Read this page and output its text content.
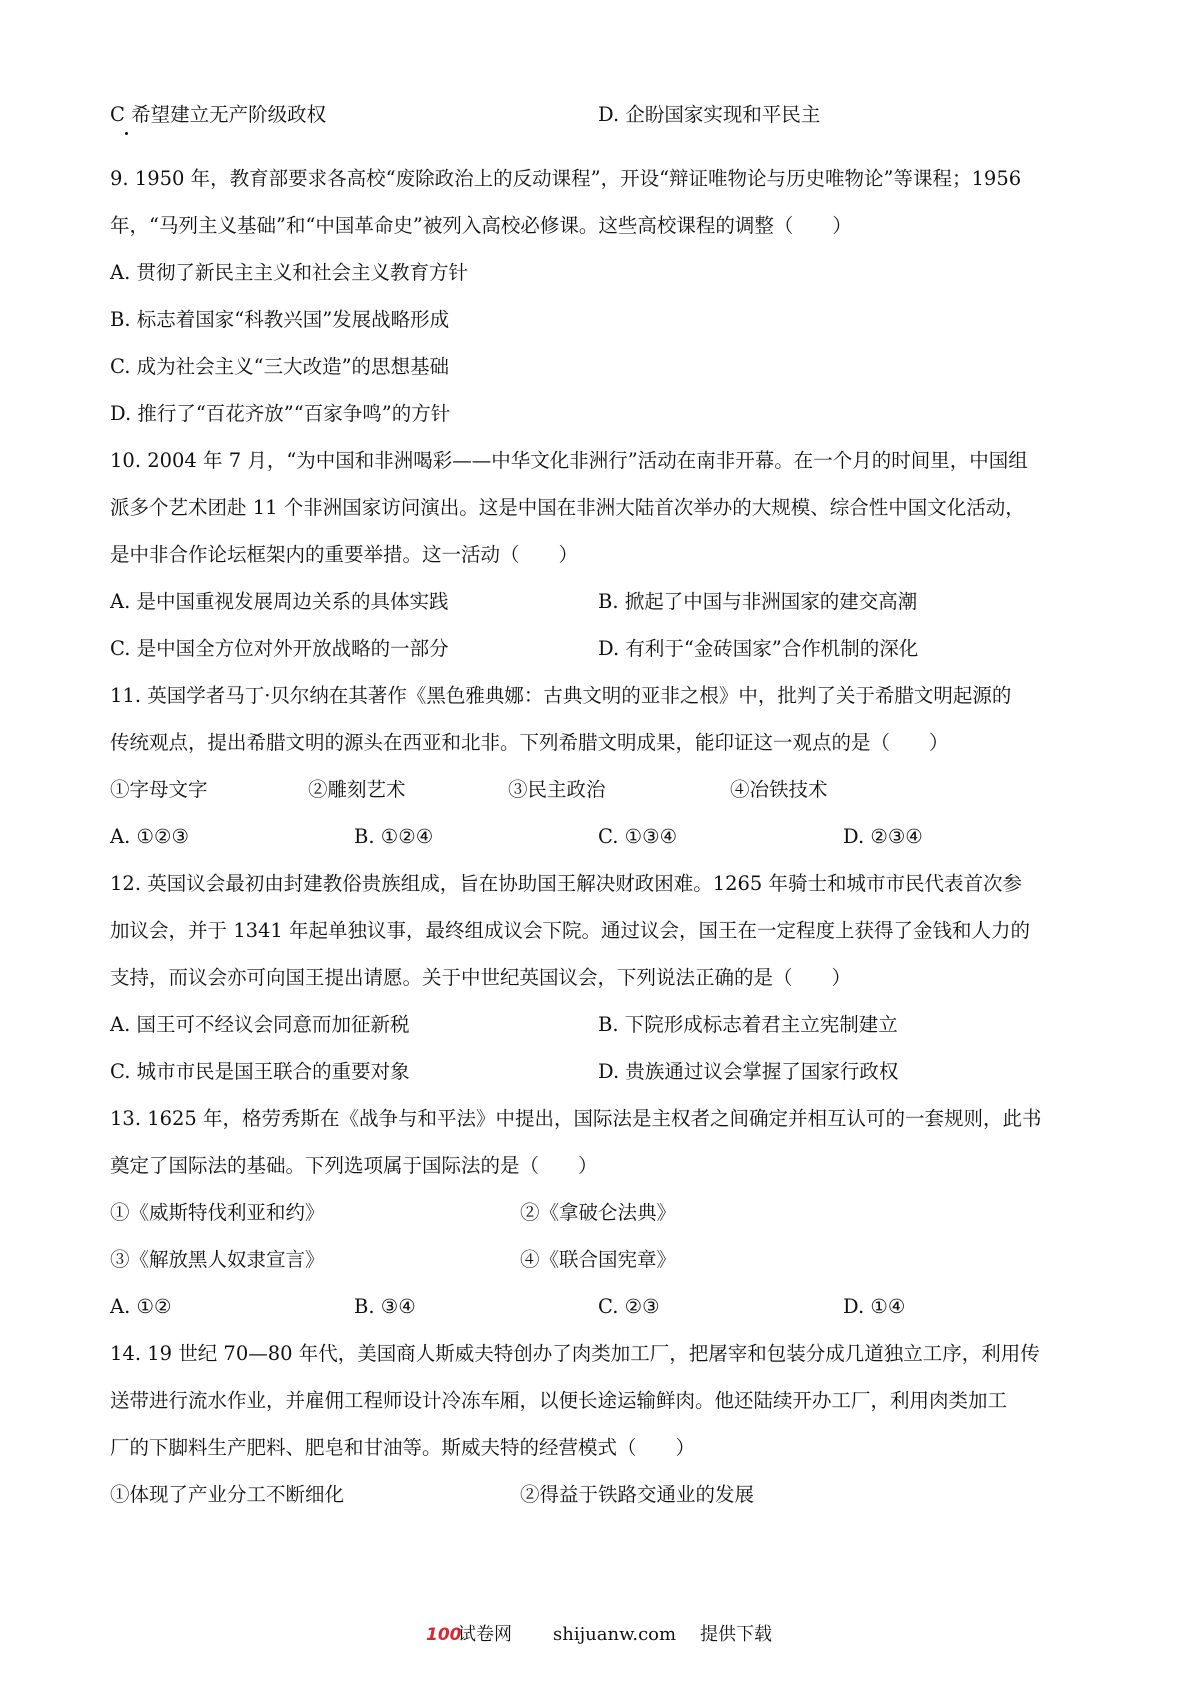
C 希望建立无产阶级政权	D. 企盼国家实现和平民主
9. 1950 年，教育部要求各高校“废除政治上的反动课程”，开设“辩证唯物论与历史唯物论”等课程；1956
年，“马列主义基础”和“中国革命史”被列入高校必修课。这些高校课程的调整（　　）
A. 贯彻了新民主主义和社会主义教育方针
B. 标志着国家“科教兴国”发展战略形成
C. 成为社会主义“三大改造”的思想基础
D. 推行了“百花齐放”“百家争鸣”的方针
10. 2004 年 7 月，“为中国和非洲喝彩——中华文化非洲行”活动在南非开幕。在一个月的时间里，中国组
派多个艺术团赴 11 个非洲国家访问演出。这是中国在非洲大陆首次举办的大规模、综合性中国文化活动，
是中非合作论坛框架内的重要举措。这一活动（　　）
A. 是中国重视发展周边关系的具体实践	B. 掀起了中国与非洲国家的建交高潮
C. 是中国全方位对外开放战略的一部分	D. 有利于“金砖国家”合作机制的深化
11. 英国学者马丁·贝尔纳在其著作《黑色雅典娜：古典文明的亚非之根》中，批判了关于希腊文明起源的
传统观点，提出希腊文明的源头在西亚和北非。下列希腊文明成果，能印证这一观点的是（　　）
①字母文字	②雕刻艺术	③民主政治	④冶铁技术
A. ①②③	B. ①②④	C. ①③④	D. ②③④
12. 英国议会最初由封建教俗贵族组成，旨在协助国王解决财政困难。1265 年骑士和城市市民代表首次参
加议会，并于 1341 年起单独议事，最终组成议会下院。通过议会，国王在一定程度上获得了金钱和人力的
支持，而议会亦可向国王提出请愿。关于中世纪英国议会，下列说法正确的是（　　）
A. 国王可不经议会同意而加征新税	B. 下院形成标志着君主立宪制建立
C. 城市市民是国王联合的重要对象	D. 贵族通过议会掌握了国家行政权
13. 1625 年，格劳秀斯在《战争与和平法》中提出，国际法是主权者之间确定并相互认可的一套规则，此书
奠定了国际法的基础。下列选项属于国际法的是（　　）
①《威斯特伐利亚和约》	②《拿破仑法典》
③《解放黑人奴隶宣言》	④《联合国宪章》
A. ①②	B. ③④	C. ②③	D. ①④
14. 19 世纪 70—80 年代，美国商人斯威夫特创办了肉类加工厂，把屠宰和包装分成几道独立工序，利用传
送带进行流水作业，并雇佣工程师设计冷冻车厢，以便长途运输鲜肉。他还陆续开办工厂，利用肉类加工
厂的下脚料生产肥料、肥皂和甘油等。斯威夫特的经营模式（　　）
①体现了产业分工不断细化	②得益于铁路交通业的发展
100
试卷网 shijuanw.com 提供下载
